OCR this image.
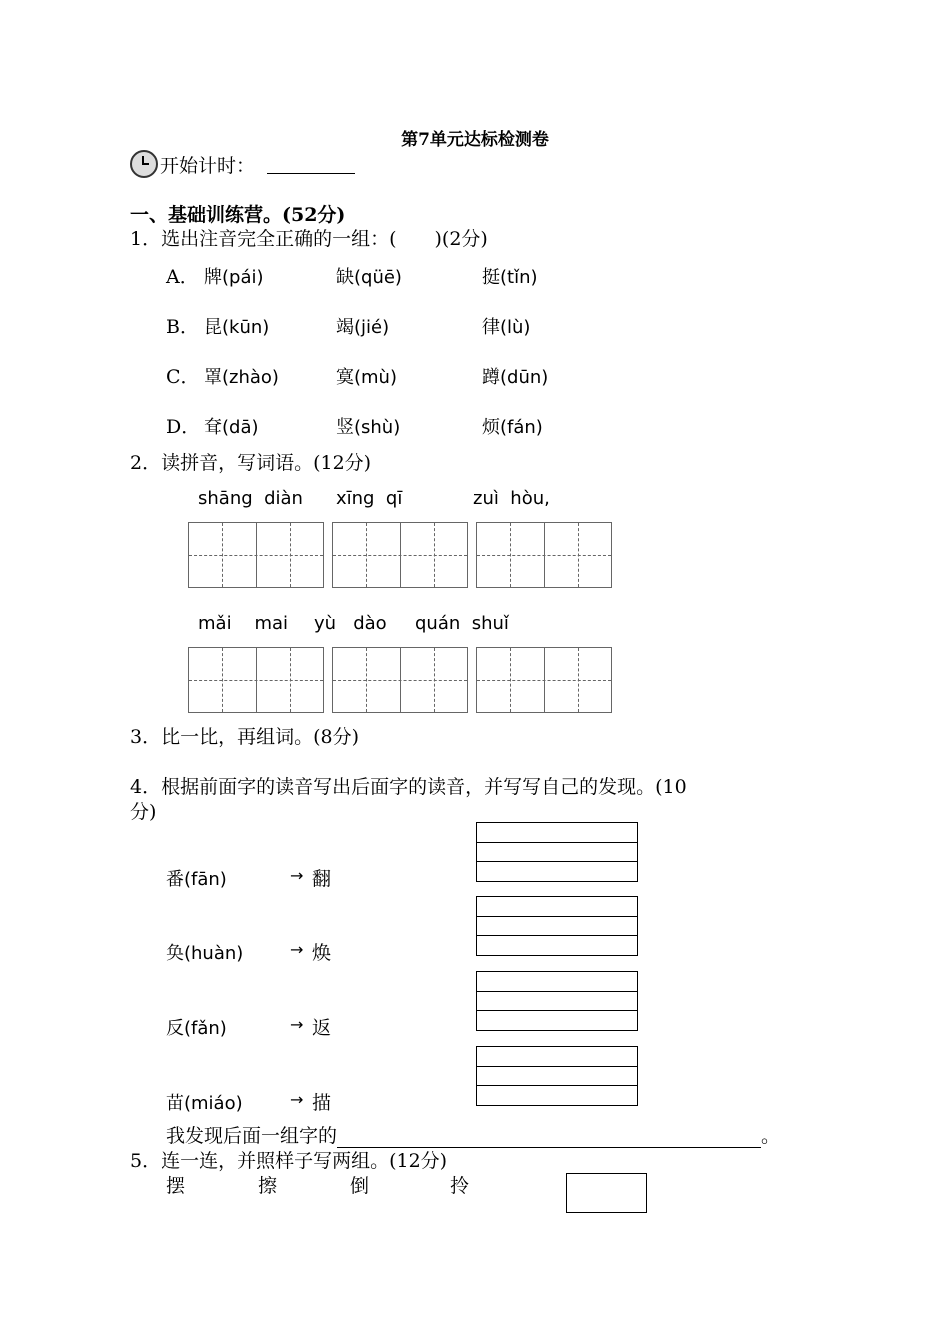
第7单元达标检测卷
开始计时：
一、基础训练营。(52分)
1．选出注音完全正确的一组：(　　)(2分)
A． 牌(pái)	缺(qüē)	挺(tǐn)
B． 昆(kūn)	竭(jié)	律(lù)
C． 罩(zhào)	寞(mù)	蹲(dūn)
D． 耷(dā)	竖(shù)	烦(fán)
2．读拼音，写词语。(12分)
shāng  diàn xīng  qī	zuì  hòu,
mǎi    mai yù   dào quán  shuǐ
3．比一比，再组词。(8分)
4．根据前面字的读音写出后面字的读音，并写写自己的发现。(10
分)
番(fān)	→ 翻
奂(huàn)	→ 焕
反(fǎn)	→ 返
苗(miáo)	→ 描
我发现后面一组字的	。
5．连一连，并照样子写两组。(12分)
摆	擦	倒	拎
